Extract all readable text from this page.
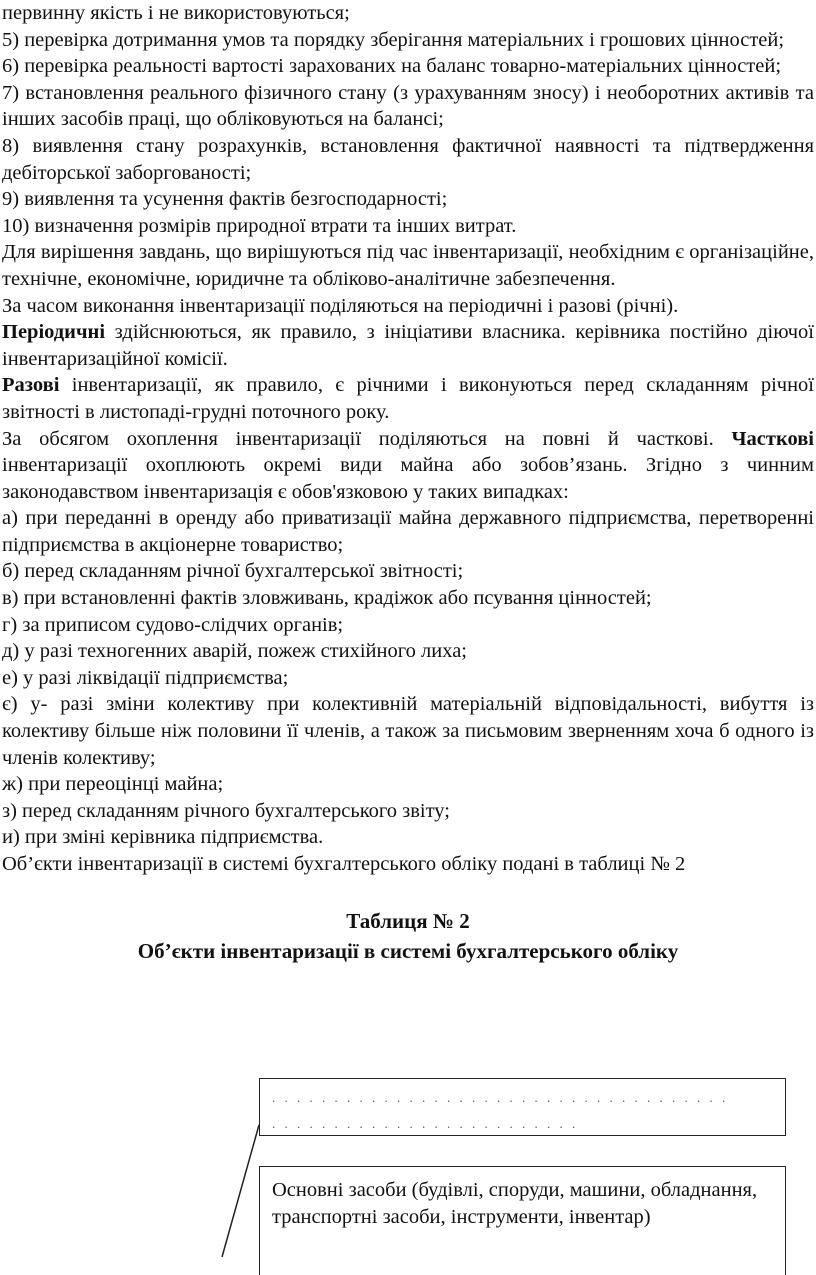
первинну якість і не використовуються;

5) перевірка дотримання умов та порядку зберігання матеріальних і грошових цінностей;

6) перевірка реальності вартості зарахованих на баланс товарно-матеріальних цінностей;

7) встановлення реального фізичного стану (з урахуванням зносу) і необоротних активів та інших засобів праці, що обліковуються на балансі;

8) виявлення стану розрахунків, встановлення фактичної наявності та підтвердження дебіторської заборгованості;

9) виявлення та усунення фактів безгосподарності;

10) визначення розмірів природної втрати та інших витрат.

Для вирішення завдань, що вирішуються під час інвентаризації, необхідним є організаційне, технічне, економічне, юридичне та обліково-аналітичне забезпечення.

За часом виконання інвентаризації поділяються на періодичні і разові (річні).

Періодичні здійснюються, як правило, з ініціативи власника. керівника постійно діючої інвентаризаційної комісії.

Разові інвентаризації, як правило, є річними і виконуються перед складанням річної звітності в листопаді-грудні поточного року.

За обсягом охоплення інвентаризації поділяються на повні й часткові. Часткові інвентаризації охоплюють окремі види майна або зобов’язань. Згідно з чинним законодавством інвентаризація є обов'язковою у таких випадках:

а) при переданні в оренду або приватизації майна державного підприємства, перетворенні підприємства в акціонерне товариство;

б) перед складанням річної бухгалтерської звітності;

в) при встановленні фактів зловживань, крадіжок або псування цінностей;

г) за приписом судово-слідчих органів;

д) у разі техногенних аварій, пожеж стихійного лиха;

е) у разі ліквідації підприємства;

є) у- разі зміни колективу при колективній матеріальній відповідальності, вибуття із колективу більше ніж половини її членів, а також за письмовим зверненням хоча б одного із членів колективу;

ж) при переоцінці майна;

з) перед складанням річного бухгалтерського звіту;

и) при зміні керівника підприємства.

Об’єкти інвентаризації в системі бухгалтерського обліку подані в таблиці № 2

Таблиця № 2

Об’єкти інвентаризації в системі бухгалтерського обліку

. . . . . . . . . . . . . . . . . . . . . . . . . . . . . . . . . . . . .
. . . . . . . . . . . . . . . . . . . . . . . . .
Основні засоби (будівлі, споруди, машини, обладнання, транспортні засоби, інструменти, інвентар)
